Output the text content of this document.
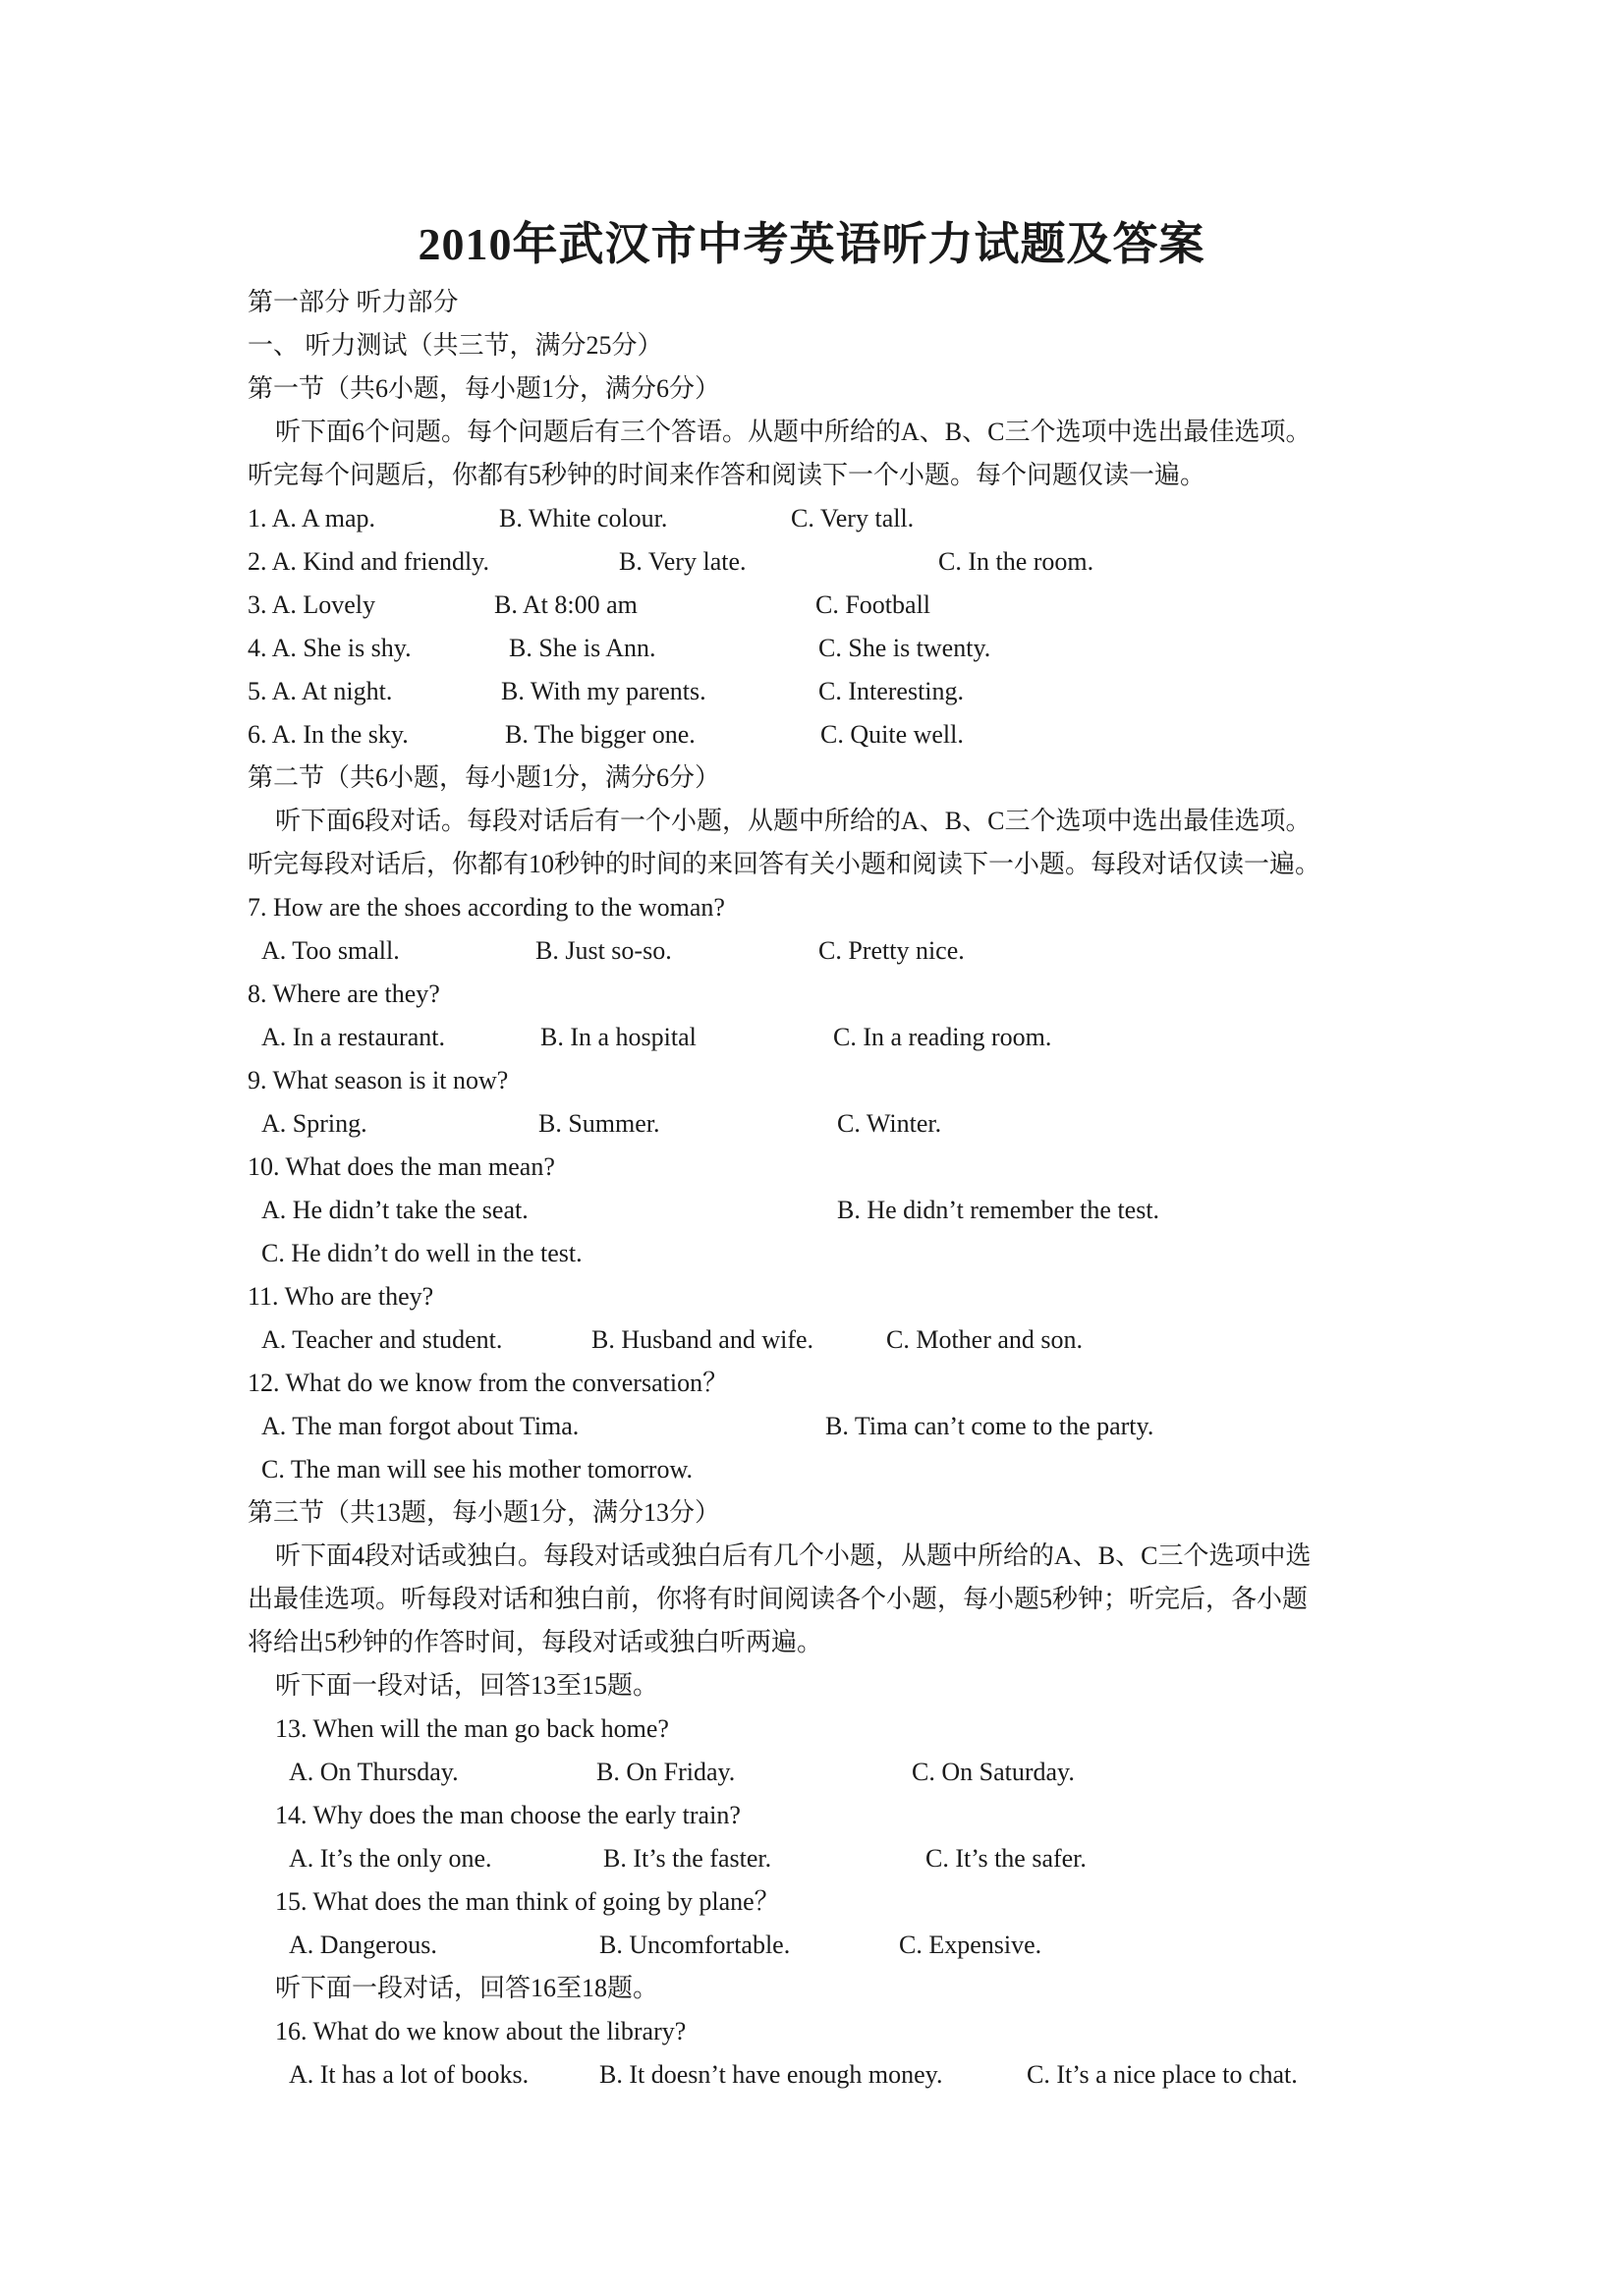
2010年武汉市中考英语听力试题及答案
第一部分 听力部分
一、 听力测试（共三节，满分25分）
第一节（共6小题，每小题1分，满分6分）
听下面6个问题。每个问题后有三个答语。从题中所给的A、B、C三个选项中选出最佳选项。
听完每个问题后，你都有5秒钟的时间来作答和阅读下一个小题。每个问题仅读一遍。
1. A. A map.	B. White colour.	C. Very tall.
2. A. Kind and friendly.	B. Very late.	C. In the room.
3. A. Lovely	B. At 8:00 am	C. Football
4. A. She is shy.	B. She is Ann.	C. She is twenty.
5. A. At night.	B. With my parents.	C. Interesting.
6. A. In the sky.	B. The bigger one.	C. Quite well.
第二节（共6小题，每小题1分，满分6分）
听下面6段对话。每段对话后有一个小题，从题中所给的A、B、C三个选项中选出最佳选项。
听完每段对话后，你都有10秒钟的时间的来回答有关小题和阅读下一小题。每段对话仅读一遍。
7. How are the shoes according to the woman?
A. Too small.	B. Just so-so.	C. Pretty nice.
8. Where are they?
A. In a restaurant.	B. In a hospital	C. In a reading room.
9. What season is it now?
A. Spring.	B. Summer.	C. Winter.
10. What does the man mean?
A. He didn’t take the seat.	B. He didn’t remember the test.
C. He didn’t do well in the test.
11. Who are they?
A. Teacher and student.	B. Husband and wife.	C. Mother and son.
12. What do we know from the conversation？
A. The man forgot about Tima.	B. Tima can’t come to the party.
C. The man will see his mother tomorrow.
第三节（共13题，每小题1分，满分13分）
听下面4段对话或独白。每段对话或独白后有几个小题，从题中所给的A、B、C三个选项中选
出最佳选项。听每段对话和独白前，你将有时间阅读各个小题，每小题5秒钟；听完后，各小题
将给出5秒钟的作答时间，每段对话或独白听两遍。
听下面一段对话，回答13至15题。
13. When will the man go back home?
A. On Thursday.	B. On Friday.	C. On Saturday.
14. Why does the man choose the early train?
A. It’s the only one.	B. It’s the faster.	C. It’s the safer.
15. What does the man think of going by plane？
A. Dangerous.	B. Uncomfortable.	C. Expensive.
听下面一段对话，回答16至18题。
16. What do we know about the library?
A. It has a lot of books.	B. It doesn’t have enough money.	C. It’s a nice place to chat.
